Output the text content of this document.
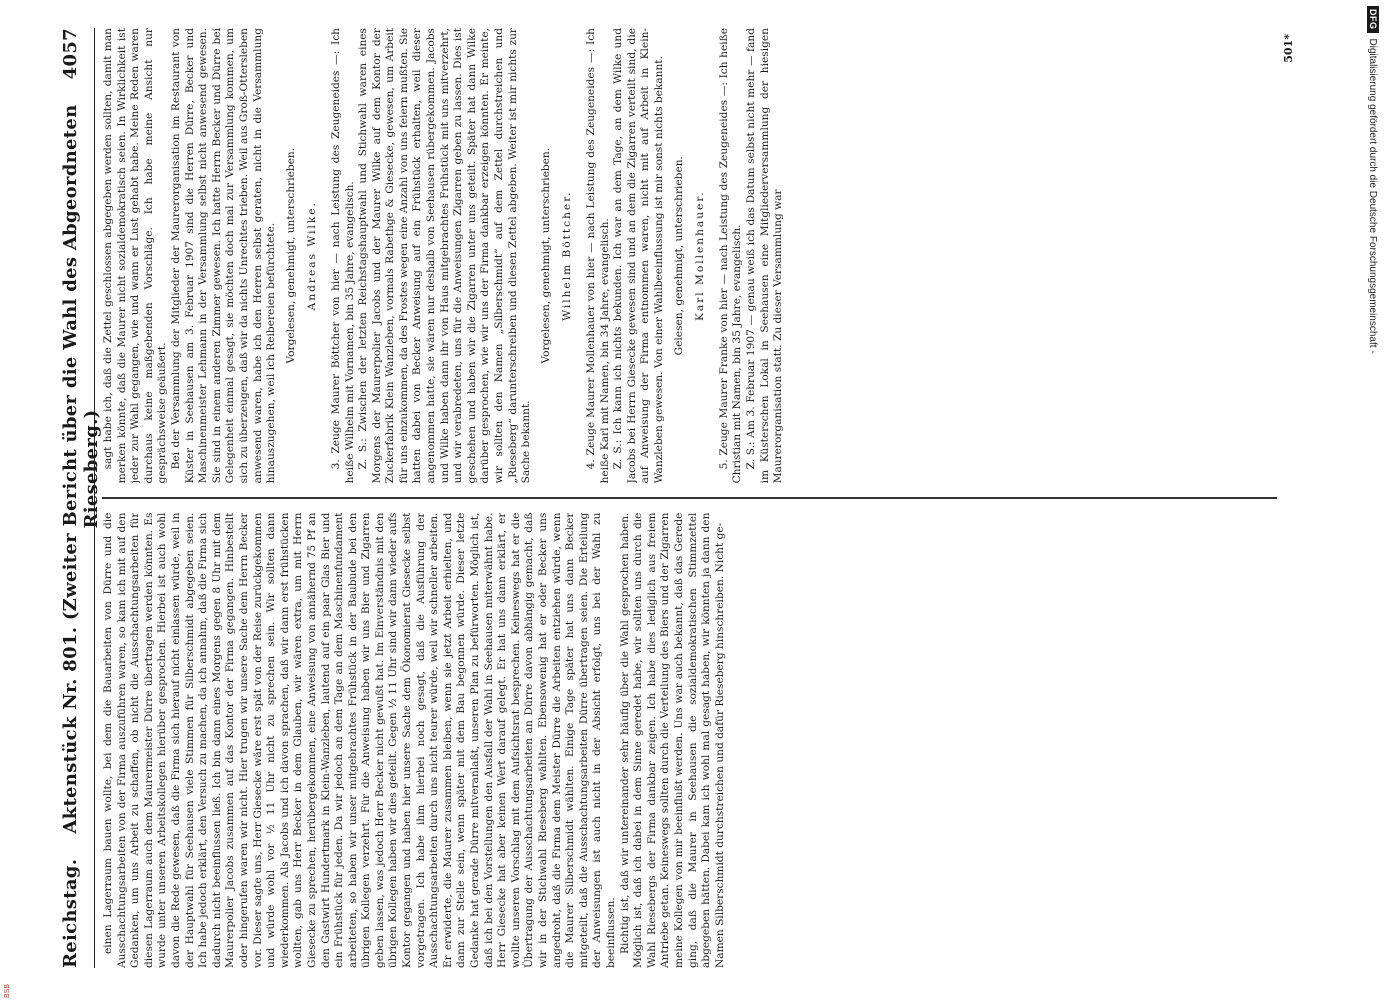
Reichstag.
Aktenstück Nr. 801. (Zweiter Bericht über die Wahl des Abgeordneten Rieseberg.)
4057

einen Lagerraum bauen wollte, bei dem die Bauarbeiten von Dürre und die Ausschachtungsarbeiten von der Firma auszuführen waren, so kam ich mit auf den Gedanken, um uns Arbeit zu schaffen, ob nicht die Ausschachtungsarbeiten für diesen Lagerraum auch dem Maurermeister Dürre übertragen werden könnten. Es wurde unter unseren Arbeitskollegen hierüber gesprochen. Hierbei ist auch wohl davon die Rede gewesen, daß die Firma sich hierauf nicht einlassen würde, weil in der Hauptwahl für Seehausen viele Stimmen für Silberschmidt abgegeben seien. Ich habe jedoch erklärt, den Versuch zu machen, da ich annahm, daß die Firma sich dadurch nicht beeinflussen ließ. Ich bin dann eines Morgens gegen 8 Uhr mit dem Maurerpolier Jacobs zusammen auf das Kontor der Firma gegangen. Hinbestellt oder hingerufen waren wir nicht. Hier trugen wir unsere Sache dem Herrn Becker vor. Dieser sagte uns, Herr Giesecke wäre erst spät von der Reise zurückgekommen und würde wohl vor ½ 11 Uhr nicht zu sprechen sein. Wir sollten dann wiederkommen. Als Jacobs und ich davon sprachen, daß wir dann erst frühstücken wollten, gab uns Herr Becker in dem Glauben, wir wären extra, um mit Herrn Giesecke zu sprechen, herübergekommen, eine Anweisung von annähernd 75 Pf an den Gastwirt Hundertmark in Klein-Wanzleben, lautend auf ein paar Glas Bier und ein Frühstück für jeden. Da wir jedoch an dem Tage an dem Maschinenfundament arbeiteten, so haben wir unser mitgebrachtes Frühstück in der Baubude bei den übrigen Kollegen verzehrt. Für die Anweisung haben wir uns Bier und Zigarren geben lassen, was jedoch Herr Becker nicht gewußt hat. Im Einverständnis mit den übrigen Kollegen haben wir dies geteilt. Gegen ½ 11 Uhr sind wir dann wieder aufs Kontor gegangen und haben hier unsere Sache dem Ökonomierat Giesecke selbst vorgetragen. Ich habe ihm hierbei noch gesagt, daß die Ausführung der Ausschachtungsarbeiten durch uns nicht teurer würde, weil wir schneller arbeiten. Er erwiderte, die Maurer zusammen bleiben, wenn sie jetzt Arbeit erhielten, und dann zur Stelle sein, wenn später mit dem Bau begonnen würde. Dieser letzte Gedanke hat gerade Dürre mitveranlaßt, unseren Plan zu befürworten. Möglich ist, daß ich bei den Vorstellungen den Ausfall der Wahl in Seehausen miterwähnt habe. Herr Giesecke hat aber keinen Wert darauf gelegt. Er hat uns dann erklärt, er wollte unseren Vorschlag mit dem Aufsichtsrat besprechen. Keineswegs hat er die Übertragung der Ausschachtungsarbeiten an Dürre davon abhängig gemacht, daß wir in der Stichwahl Rieseberg wählten. Ebensowenig hat er oder Becker uns angedroht, daß die Firma dem Meister Dürre die Arbeiten entziehen würde, wenn die Maurer Silberschmidt wählten. Einige Tage später hat uns dann Becker mitgeteilt, daß die Ausschachtungsarbeiten Dürre übertragen seien. Die Erteilung der Anweisungen ist auch nicht in der Absicht erfolgt, uns bei der Wahl zu beeinflussen. Richtig ist, daß wir untereinander sehr häufig über die Wahl gesprochen haben. Möglich ist, daß ich dabei in dem Sinne geredet habe, wir sollten uns durch die Wahl Riesebergs der Firma dankbar zeigen. Ich habe dies lediglich aus freiem Antriebe getan. Keineswegs sollten durch die Verteilung des Biers und der Zigarren meine Kollegen von mir beeinflußt werden. Uns war auch bekannt, daß das Gerede ging, daß die Maurer in Seehausen die sozialdemokratischen Stimmzettel abgegeben hätten. Dabei kam ich wohl mal gesagt haben, wir könnten ja dann den Namen Silberschmidt durchstreichen und dafür Rieseberg hinschreiben. Nicht ge-

sagt habe ich, daß die Zettel geschlossen abgegeben werden sollten, damit man merken könnte, daß die Maurer nicht sozialdemokratisch seien. In Wirklichkeit ist jeder zur Wahl gegangen, wie und wann er Lust gehabt habe. Meine Reden waren durchaus keine maßgebenden Vorschläge. Ich habe meine Ansicht nur gesprächsweise geäußert. Bei der Versammlung der Mitglieder der Maurerorganisation im Restaurant von Küster in Seehausen am 3. Februar 1907 sind die Herren Dürre, Becker und Maschinenmeister Lehmann in der Versammlung selbst nicht anwesend gewesen. Sie sind in einem anderen Zimmer gewesen. Ich hatte Herrn Becker und Dürre bei Gelegenheit einmal gesagt, sie möchten doch mal zur Versammlung kommen, um sich zu überzeugen, daß wir da nichts Unrechtes trieben. Weil aus Groß-Ottersleben anwesend waren, habe ich den Herren selbst geraten, nicht in die Versammlung hinauszugehen, weil ich Reibereien befürchtete. Vorgelesen, genehmigt, unterschrieben. Andreas Wilke. 3. Zeuge Maurer Böttcher von hier — nach Leistung des Zeugeneides —: Ich heiße Wilhelm mit Vornamen, bin 35 Jahre, evangelisch. Z. S.: Zwischen der letzten Reichstagshauptwahl und Stichwahl waren eines Morgens der Maurerpolier Jacobs und der Maurer Wilke auf dem Kontor der Zuckerfabrik Klein Wanzleben, vormals Rabethge & Giesecke, gewesen, um Arbeit für uns einzukommen, da des Frostes wegen eine Anzahl von uns feiern mußten. Sie hatten dabei von Becker Anweisung auf ein Frühstück erhalten, weil dieser angenommen hatte, sie wären nur deshalb von Seehausen rübergekommen. Jacobs und Wilke haben dann ihr von Haus mitgebrachtes Frühstück mit uns mitverzehrt, und wir verabredeten, uns für die Anweisungen Zigarren geben zu lassen. Dies ist geschehen und haben wir die Zigarren unter uns geteilt. Später hat dann Wilke darüber gesprochen, wie wir uns der Firma dankbar erzeigen könnten. Er meinte, wir sollten den Namen „Silberschmidt“ auf dem Zettel durchstreichen und „Rieseberg“ darunterschreiben und diesen Zettel abgeben. Weiter ist mir nichts zur Sache bekannt.

Vorgelesen, genehmigt, unterschrieben. Wilhelm Böttcher. 4. Zeuge Maurer Mollenhauer von hier — nach Leistung des Zeugeneides —: Ich heiße Karl mit Namen, bin 34 Jahre, evangelisch. Z. S.: Ich kann ich nichts bekunden. Ich war an dem Tage, an dem Wilke und Jacobs bei Herrn Giesecke gewesen sind und an dem die Zigarren verteilt sind, die auf Anweisung der Firma entnommen waren, nicht mit auf Arbeit in Klein-Wanzleben gewesen. Von einer Wahlbeeinflussung ist mir sonst nichts bekannt. Gelesen, genehmigt, unterschrieben. Karl Mollenhauer. 5. Zeuge Maurer Franke von hier — nach Leistung des Zeugeneides —: Ich heiße Christian mit Namen, bin 35 Jahre, evangelisch. Z. S.: Am 3. Februar 1907 — genau weiß ich das Datum selbst nicht mehr — fand im Küsterschen Lokal in Seehausen eine Mitgliederversammlung der hiesigen Maurerorganisation statt. Zu dieser Versammlung war

501*
DFG
Digitalisierung gefördert durch die Deutsche Forschungsgemeinschaft -
BSB
